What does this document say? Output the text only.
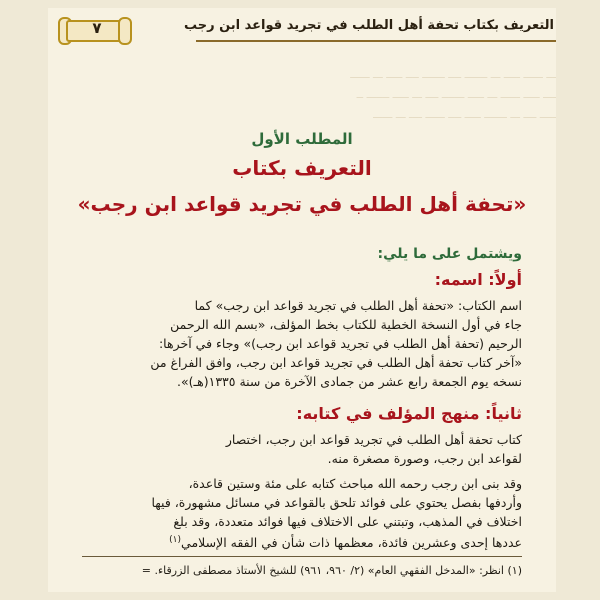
ـــ ــــــ ـــــ ـــ ـــــــ ــــ ـــــــ ــــ ـــــ ـــ ــــــ
ــــ ـــــ ــــــ ـــ ـــــ ـــــــ ــــ ـــ ـــــ ـــــــ ــ
ـــــ ــــ ـــ ـــــــ ـــــ ــــ ــــــ ــــ ـــ ــــــ
التعريف بكتاب تحفة أهل الطلب في تجريد قواعد ابن رجب
٧
المطلب الأول
التعريف بكتاب
«تحفة أهل الطلب في تجريد قواعد ابن رجب»
ويشتمل على ما يلي:
أولاً: اسمه:

اسم الكتاب: «تحفة أهل الطلب في تجريد قواعد ابن رجب» كما

جاء في أول النسخة الخطية للكتاب بخط المؤلف، «بسم الله الرحمن

الرحيم (تحفة أهل الطلب في تجريد قواعد ابن رجب)» وجاء في آخرها:

«آخر كتاب تحفة أهل الطلب في تجريد قواعد ابن رجب، وافق الفراغ من

نسخه يوم الجمعة رابع عشر من جمادى الآخرة من سنة ١٣٣٥(هـ)».

ثانياً: منهج المؤلف في كتابه:

كتاب تحفة أهل الطلب في تجريد قواعد ابن رجب، اختصار

لقواعد ابن رجب، وصورة مصغرة منه.

وقد بنى ابن رجب رحمه الله مباحث كتابه على مئة وستين قاعدة،

وأردفها بفصل يحتوي على فوائد تلحق بالقواعد في مسائل مشهورة، فيها

اختلاف في المذهب، وتبتني على الاختلاف فيها فوائد متعددة، وقد بلغ

عددها إحدى وعشرين فائدة، معظمها ذات شأن في الفقه الإسلامي$^{(١)}$

(١) انظر: «المدخل الفقهي العام» (٢/ ٩٦٠، ٩٦١) للشيخ الأستاذ مصطفى الزرقاء. =
